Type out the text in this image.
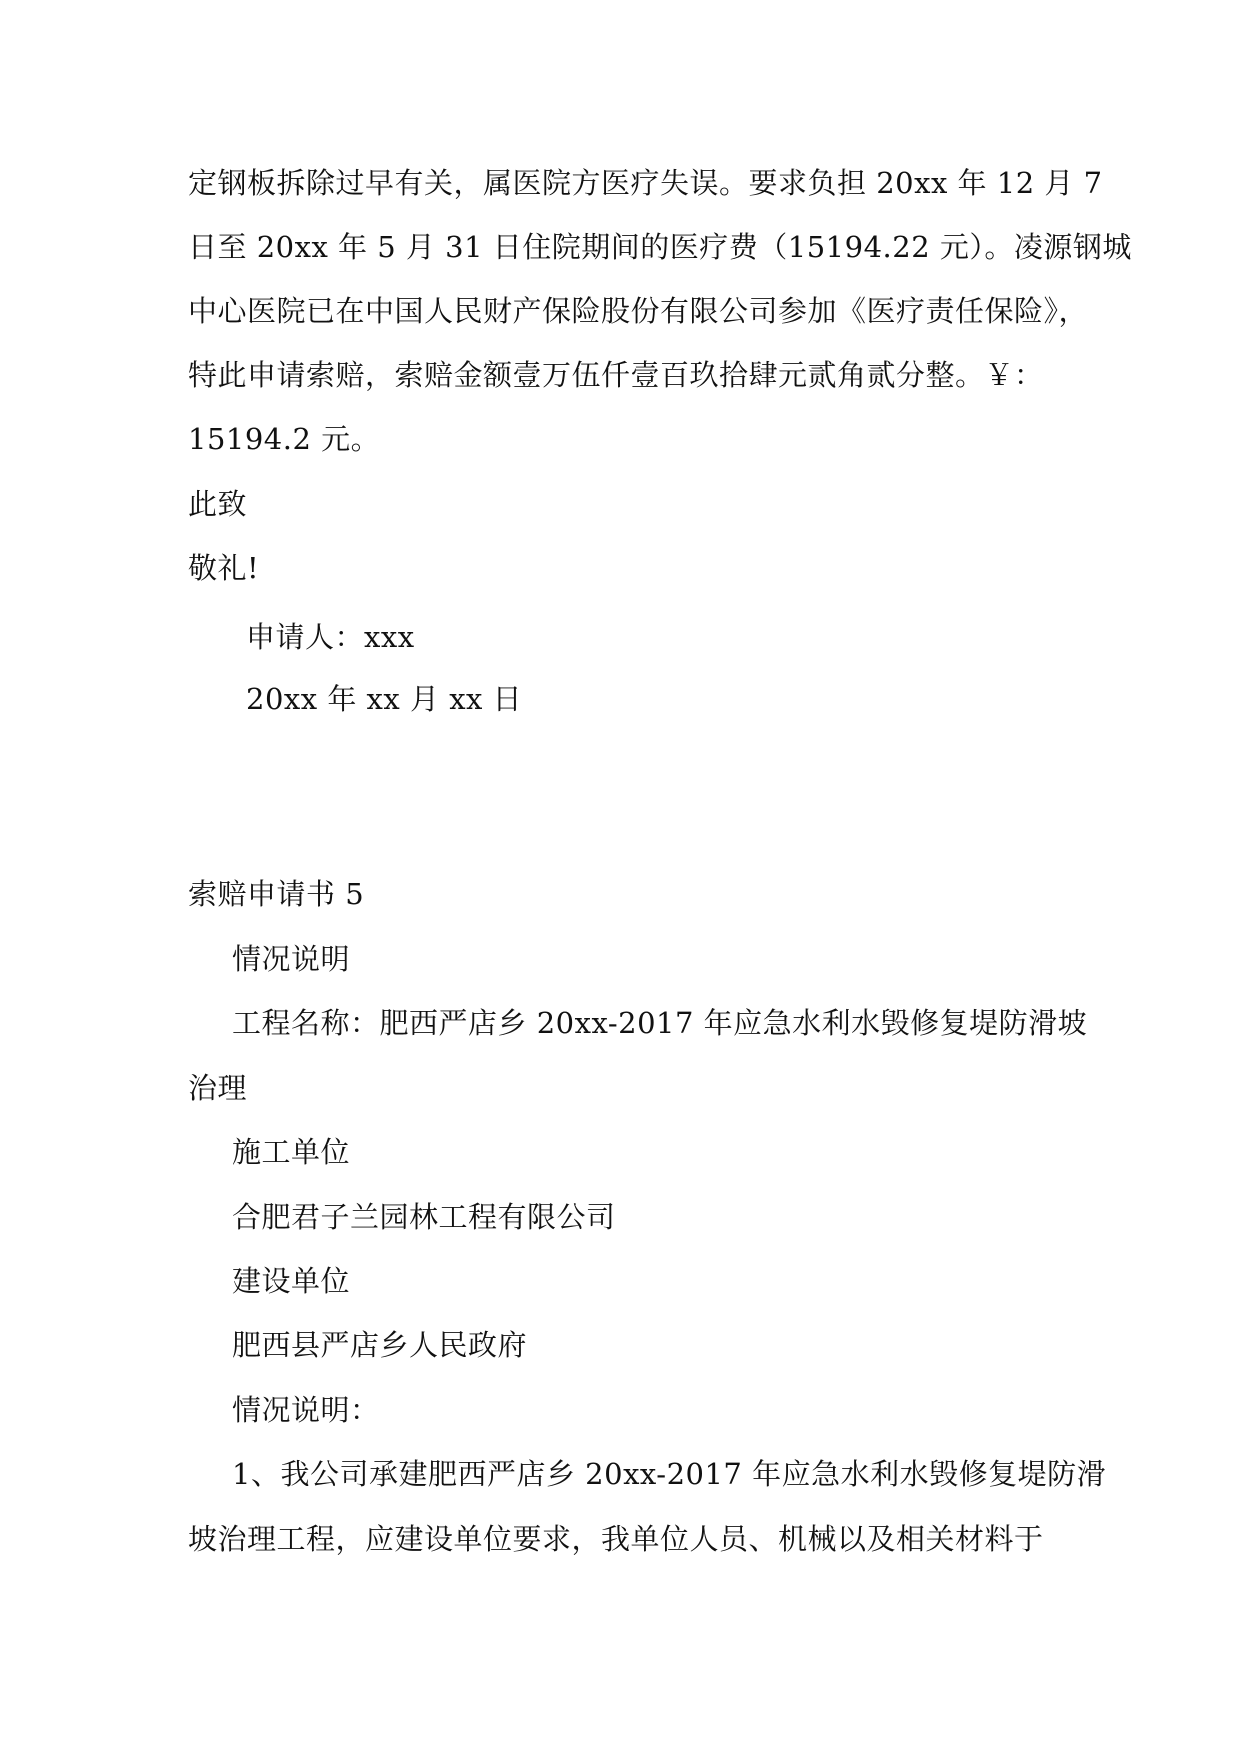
定钢板拆除过早有关，属医院方医疗失误。要求负担 20xx 年 12 月 7
日至 20xx 年 5 月 31 日住院期间的医疗费（15194.22 元）。凌源钢城
中心医院已在中国人民财产保险股份有限公司参加《医疗责任保险》，
特此申请索赔，索赔金额壹万伍仟壹百玖拾肆元贰角贰分整。￥：
15194.2 元。
此致
敬礼!
申请人：xxx
20xx 年 xx 月 xx 日
索赔申请书 5
情况说明
工程名称：肥西严店乡 20xx-2017 年应急水利水毁修复堤防滑坡
治理
施工单位
合肥君子兰园林工程有限公司
建设单位
肥西县严店乡人民政府
情况说明：
1、我公司承建肥西严店乡 20xx-2017 年应急水利水毁修复堤防滑
坡治理工程，应建设单位要求，我单位人员、机械以及相关材料于
